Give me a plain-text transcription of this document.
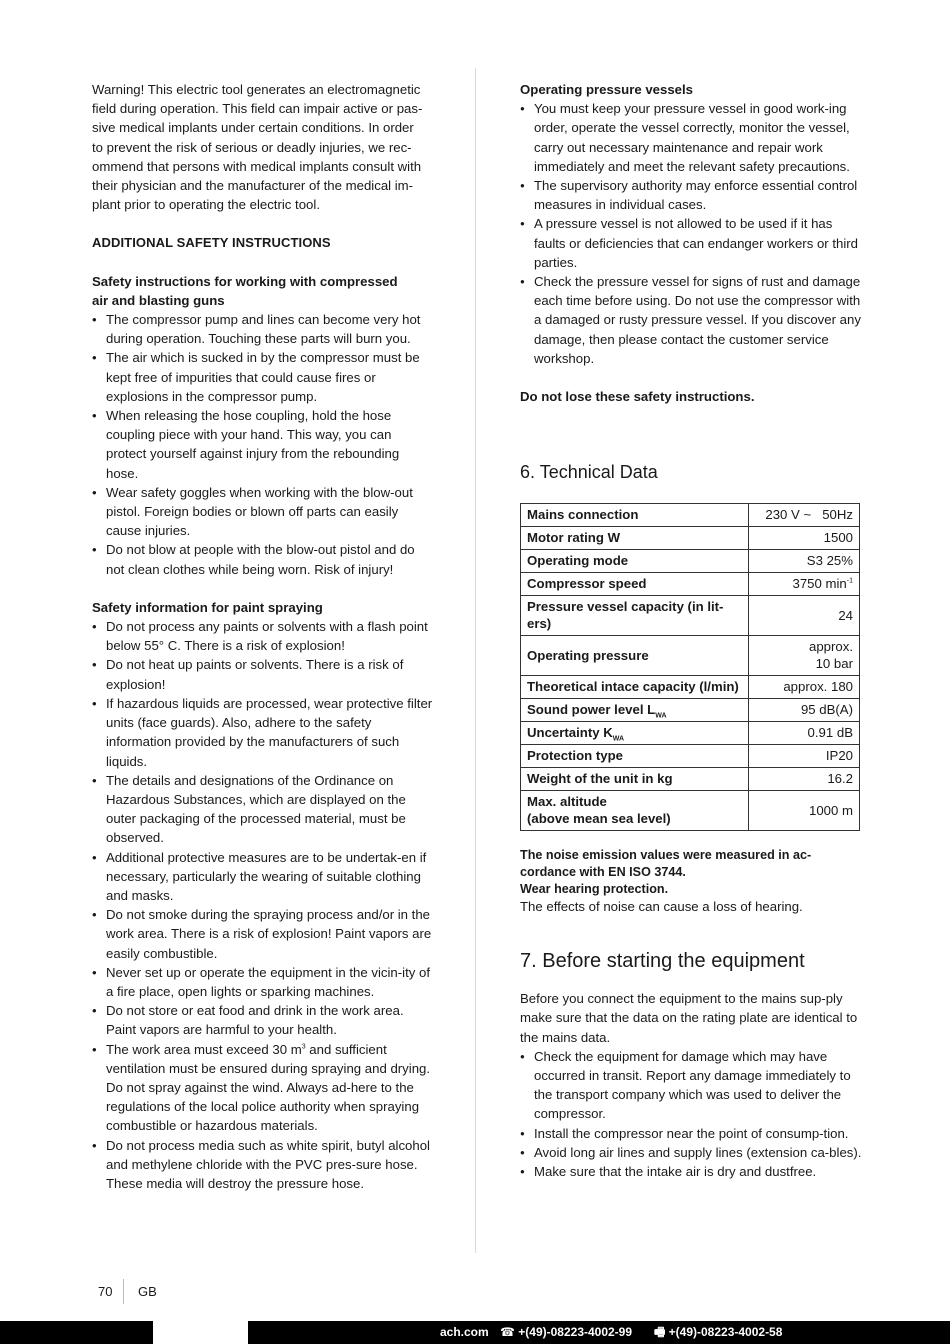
Warning! This electric tool generates an electromagnetic

field during operation. This field can impair active or pas-

sive medical implants under certain conditions. In order

to prevent the risk of serious or deadly injuries, we rec-

ommend that persons with medical implants consult with

their physician and the manufacturer of the medical im-

plant prior to operating the electric tool.

ADDITIONAL SAFETY INSTRUCTIONS

Safety instructions for working with compressed

air and blasting guns

• The compressor pump and lines can become very hot during operation. Touching these parts will burn you.
• The air which is sucked in by the compressor must be kept free of impurities that could cause fires or explosions in the compressor pump.
• When releasing the hose coupling, hold the hose coupling piece with your hand. This way, you can protect yourself against injury from the rebounding hose.
• Wear safety goggles when working with the blow-out pistol. Foreign bodies or blown off parts can easily cause injuries.
• Do not blow at people with the blow-out pistol and do not clean clothes while being worn. Risk of injury!

Safety information for paint spraying

• Do not process any paints or solvents with a flash point below 55° C. There is a risk of explosion!
• Do not heat up paints or solvents. There is a risk of explosion!
• If hazardous liquids are processed, wear protective filter units (face guards). Also, adhere to the safety information provided by the manufacturers of such liquids.
• The details and designations of the Ordinance on Hazardous Substances, which are displayed on the outer packaging of the processed material, must be observed.
• Additional protective measures are to be undertak-en if necessary, particularly the wearing of suitable clothing and masks.
• Do not smoke during the spraying process and/or in the work area. There is a risk of explosion! Paint vapors are easily combustible.
• Never set up or operate the equipment in the vicin-ity of a fire place, open lights or sparking machines.
• Do not store or eat food and drink in the work area. Paint vapors are harmful to your health.
• The work area must exceed 30 $m^3$ and sufficient ventilation must be ensured during spraying and drying. Do not spray against the wind. Always ad-here to the regulations of the local police authority when spraying combustible or hazardous materials.
• Do not process media such as white spirit, butyl alcohol and methylene chloride with the PVC pres-sure hose. These media will destroy the pressure hose.

Operating pressure vessels

● You must keep your pressure vessel in good work-ing order, operate the vessel correctly, monitor the vessel, carry out necessary maintenance and repair work immediately and meet the relevant safety precautions.
● The supervisory authority may enforce essential control measures in individual cases.
● A pressure vessel is not allowed to be used if it has faults or deficiencies that can endanger workers or third parties.
● Check the pressure vessel for signs of rust and damage each time before using. Do not use the compressor with a damaged or rusty pressure vessel. If you discover any damage, then please contact the customer service workshop.

Do not lose these safety instructions.

6. Technical Data
Mains connection	230 V ~   50Hz
Motor rating W	1500
Operating mode	S3 25%
Compressor speed	3750 $\min^{-1}$
Pressure vessel capacity (in lit-ers)	24
Operating pressure	approx. 10 bar
Theoretical intace capacity (l/min)	approx. 180
Sound power level $L_{WA}$	95 dB(A)
Uncertainty $K_{WA}$	0.91 dB
Protection type	IP20
Weight of the unit in kg	16.2

Max. altitude
(above mean sea level)	1000 m

The noise emission values were measured in ac-

cordance with EN ISO 3744.

Wear hearing protection.

The effects of noise can cause a loss of hearing.

7. Before starting the equipment

Before you connect the equipment to the mains sup-ply make sure that the data on the rating plate are identical to the mains data.

● Check the equipment for damage which may have occurred in transit. Report any damage immediately to the transport company which was used to deliver the compressor.
● Install the compressor near the point of consump-tion.
● Avoid long air lines and supply lines (extension ca-bles).
● Make sure that the intake air is dry and dustfree.
70 GB
ach.com ☎ +(49)-08223-4002-99 🖷 +(49)-08223-4002-58
